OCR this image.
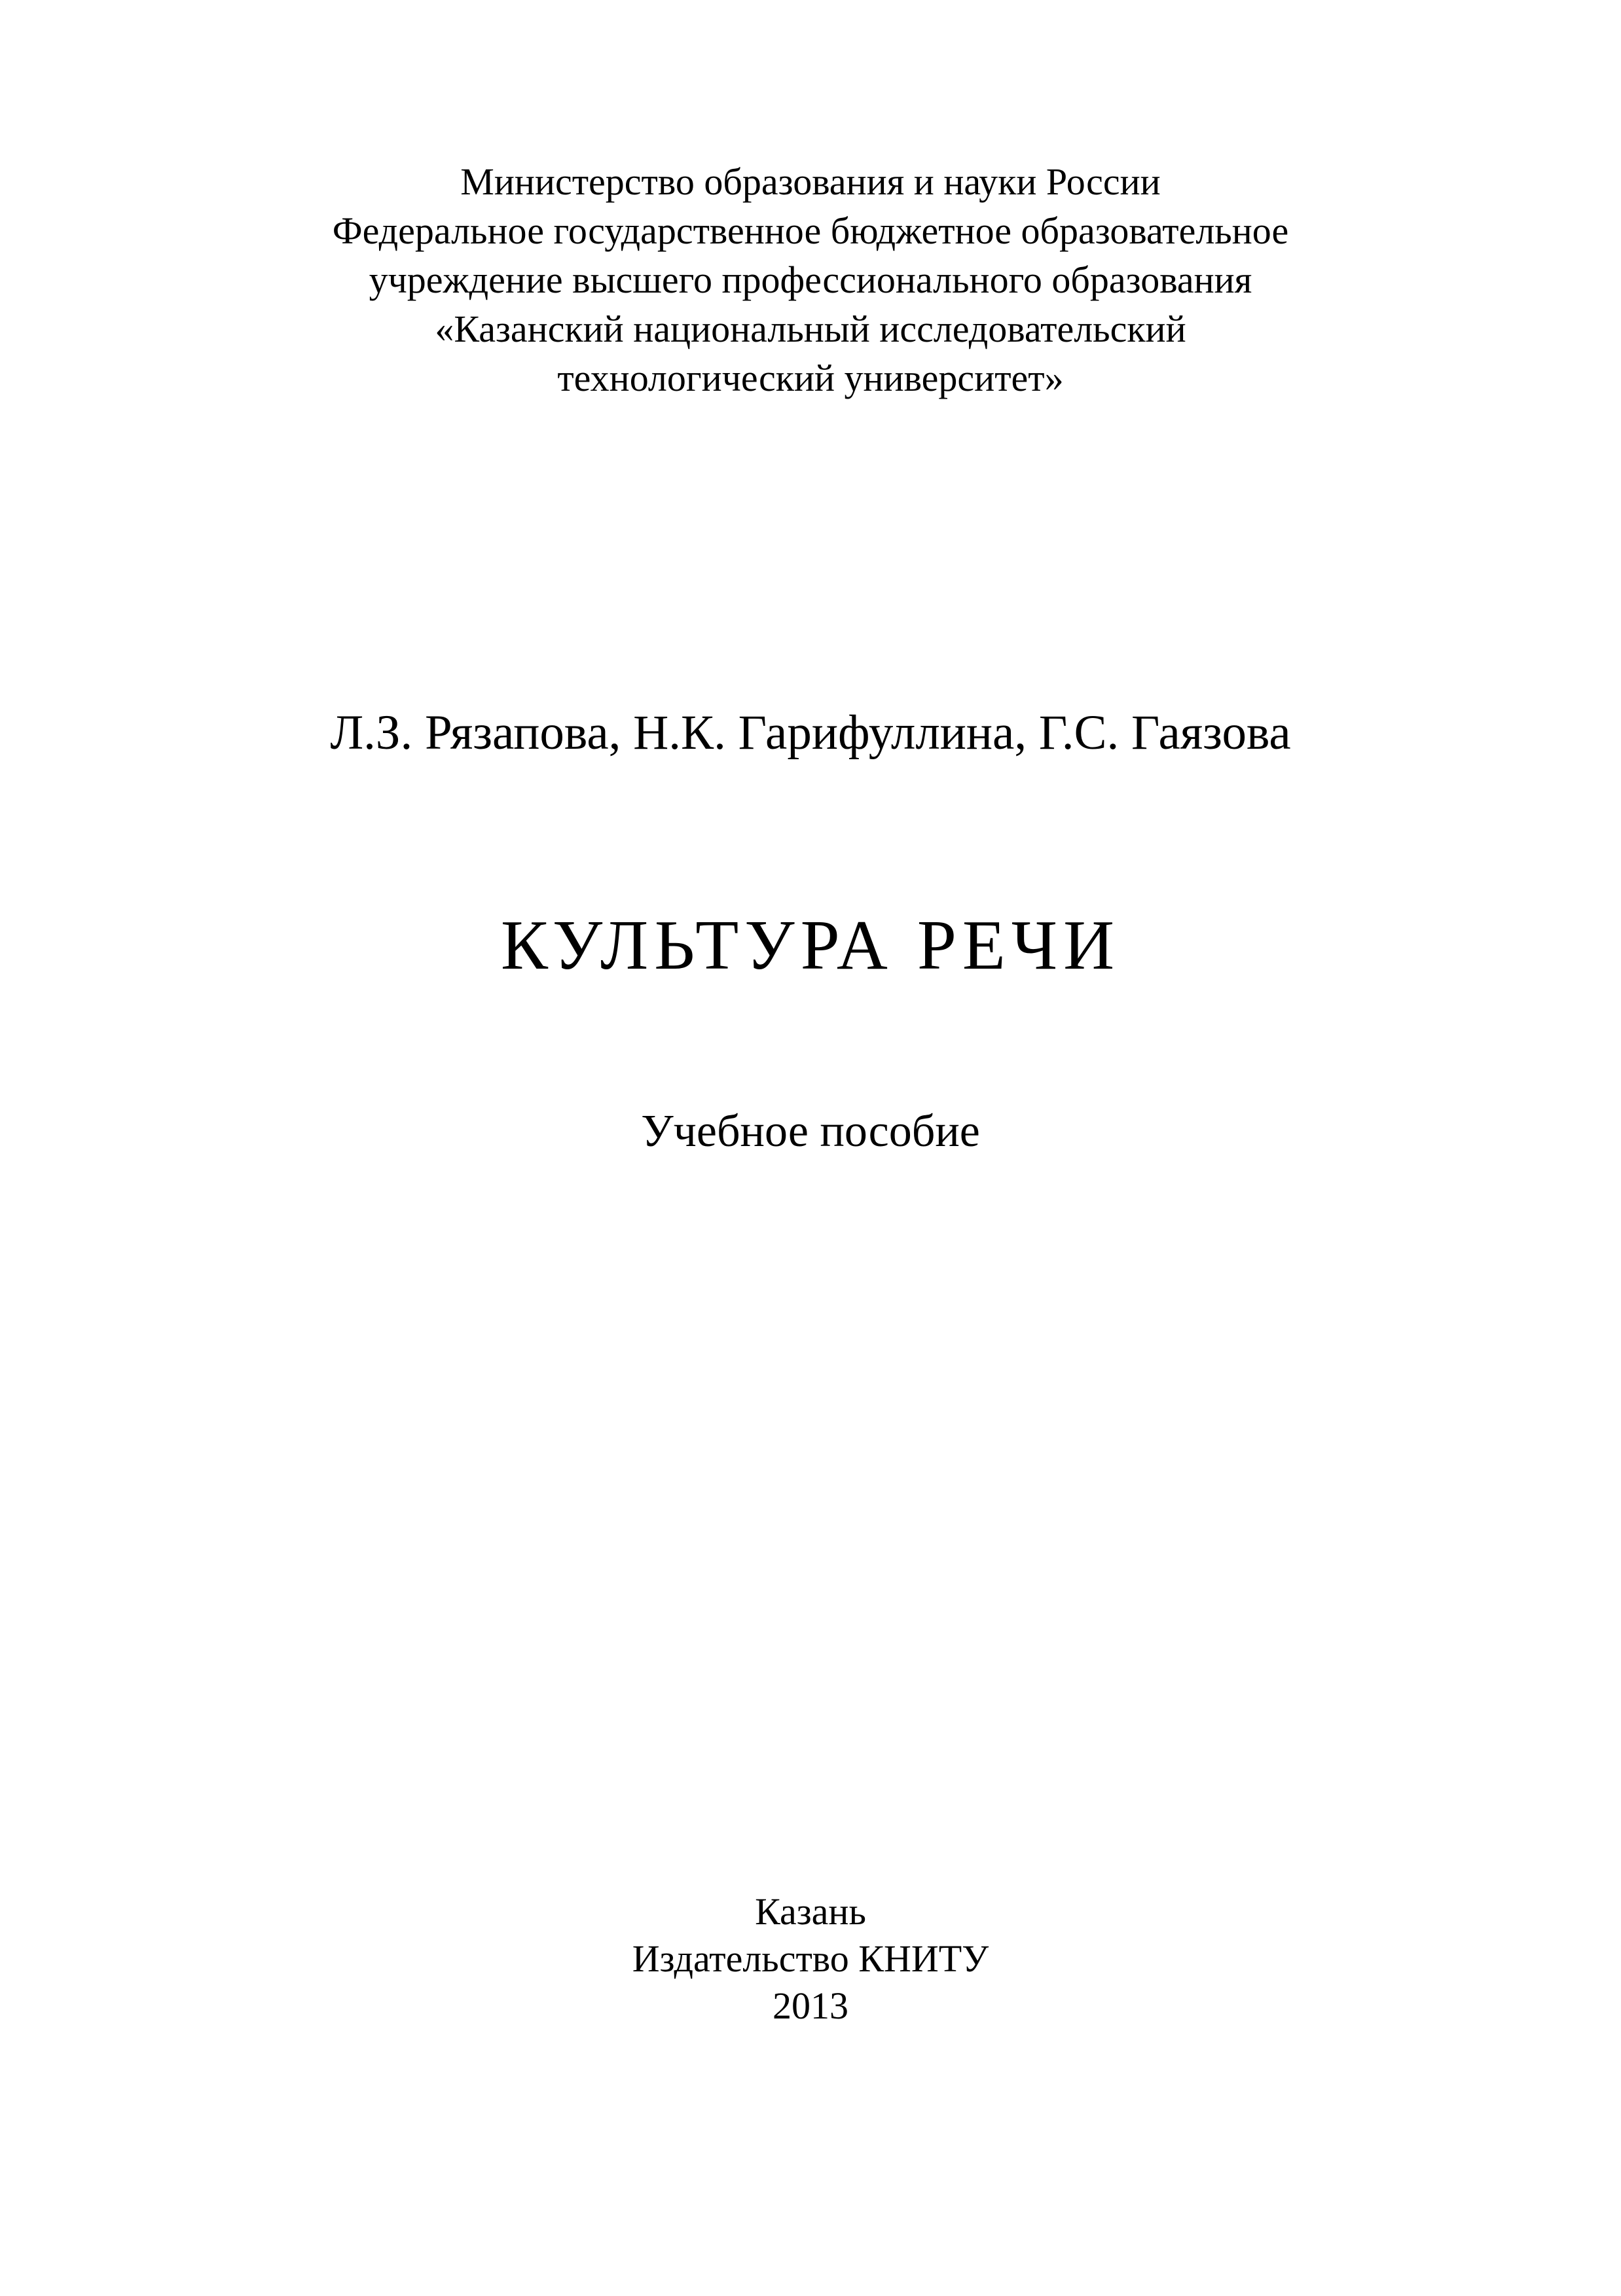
Министерство образования и науки России
Федеральное государственное бюджетное образовательное
учреждение высшего профессионального образования
«Казанский национальный исследовательский
технологический университет»
Л.З. Рязапова, Н.К. Гарифуллина, Г.С. Гаязова
КУЛЬТУРА РЕЧИ
Учебное пособие
Казань
Издательство КНИТУ
2013
